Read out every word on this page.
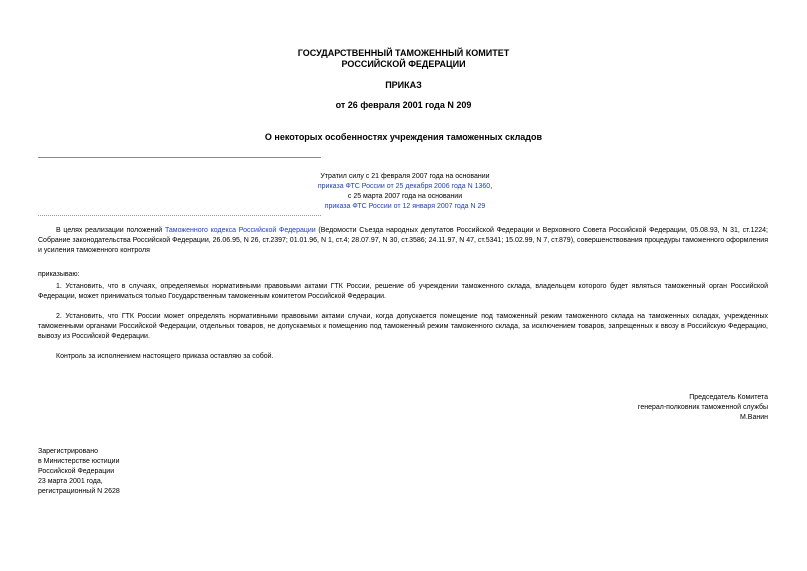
ГОСУДАРСТВЕННЫЙ ТАМОЖЕННЫЙ КОМИТЕТ
РОССИЙСКОЙ ФЕДЕРАЦИИ
ПРИКАЗ
от 26 февраля 2001 года N 209
О некоторых особенностях учреждения таможенных складов
Утратил силу с 21 февраля 2007 года на основании
приказа ФТС России от 25 декабря 2006 года N 1360,
с 25 марта 2007 года на основании
приказа ФТС России от 12 января 2007 года N 29
В целях реализации положений Таможенного кодекса Российской Федерации (Ведомости Съезда народных депутатов Российской Федерации и Верховного Совета Российской Федерации, 05.08.93, N 31, ст.1224; Собрание законодательства Российской Федерации, 26.06.95, N 26, ст.2397; 01.01.96, N 1, ст.4; 28.07.97, N 30, ст.3586; 24.11.97, N 47, ст.5341; 15.02.99, N 7, ст.879), совершенствования процедуры таможенного оформления и усиления таможенного контроля
приказываю:
1. Установить, что в случаях, определяемых нормативными правовыми актами ГТК России, решение об учреждении таможенного склада, владельцем которого будет являться таможенный орган Российской Федерации, может приниматься только Государственным таможенным комитетом Российской Федерации.
2. Установить, что ГТК России может определять нормативными правовыми актами случаи, когда допускается помещение под таможенный режим таможенного склада на таможенных складах, учрежденных таможенными органами Российской Федерации, отдельных товаров, не допускаемых к помещению под таможенный режим таможенного склада, за исключением товаров, запрещенных к ввозу в Российскую Федерацию, вывозу из Российской Федерации.
Контроль за исполнением настоящего приказа оставляю за собой.
Председатель Комитета
генерал-полковник таможенной службы
М.Ванин
Зарегистрировано
в Министерстве юстиции
Российской Федерации
23 марта 2001 года,
регистрационный N 2628
